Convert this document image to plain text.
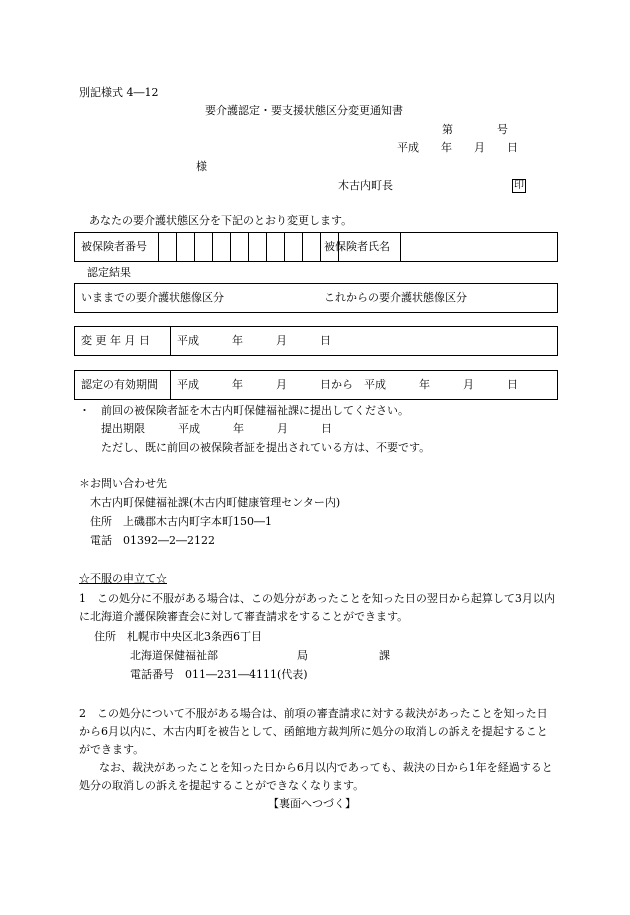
別記様式 4―12
要介護認定・要支援状態区分変更通知書
第　　　　号
平成　　年　　月　　日
様
木古内町長	印
あなたの要介護状態区分を下記のとおり変更します。
被保険者番号	被保険者氏名
認定結果
いままでの要介護状態像区分	これからの要介護状態像区分
変 更 年 月 日 平成　　　年　　　月　　　日
認定の有効期間 平成　　　年　　　月　　　日から　平成　　　年　　　月　　　日
・ 前回の被保険者証を木古内町保健福祉課に提出してください。
提出期限　　　平成　　　年　　　月　　　日
ただし、既に前回の被保険者証を提出されている方は、不要です。
＊お問い合わせ先
木古内町保健福祉課(木古内町健康管理センター内)
住所　上磯郡木古内町字本町150―1
電話　01392―2―2122
☆不服の申立て☆
1　この処分に不服がある場合は、この処分があったことを知った日の翌日から起算して3月以内に北海道介護保険審査会に対して審査請求をすることができます。
住所　札幌市中央区北3条西6丁目
北海道保健福祉部	局	課
電話番号　011―231―4111(代表)
2　この処分について不服がある場合は、前項の審査請求に対する裁決があったことを知った日から6月以内に、木古内町を被告として、函館地方裁判所に処分の取消しの訴えを提起することができます。
なお、裁決があったことを知った日から6月以内であっても、裁決の日から1年を経過すると処分の取消しの訴えを提起することができなくなります。
【裏面へつづく】
